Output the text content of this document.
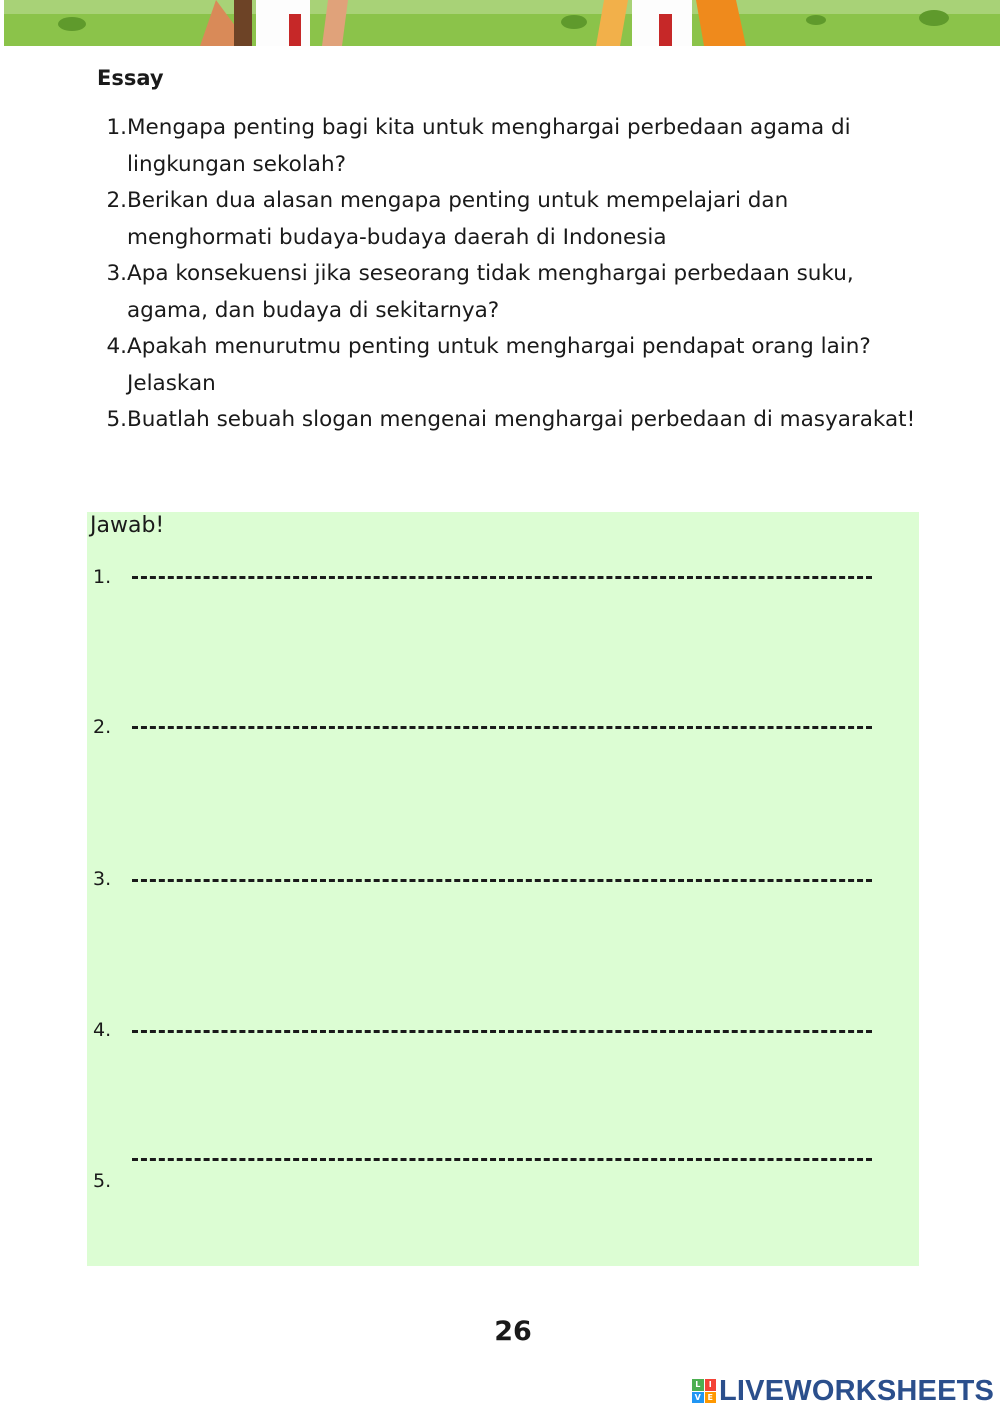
Essay
1. Mengapa penting bagi kita untuk menghargai perbedaan agama di lingkungan sekolah?
2. Berikan dua alasan mengapa penting untuk mempelajari dan menghormati budaya-budaya daerah di Indonesia
3. Apa konsekuensi jika seseorang tidak menghargai perbedaan suku, agama, dan budaya di sekitarnya?
4. Apakah menurutmu penting untuk menghargai pendapat orang lain? Jelaskan
5. Buatlah sebuah slogan mengenai menghargai perbedaan di masyarakat!
Jawab!
1.
2.
3.
4.
5.
26
L	I
V E LIVEWORKSHEETS
